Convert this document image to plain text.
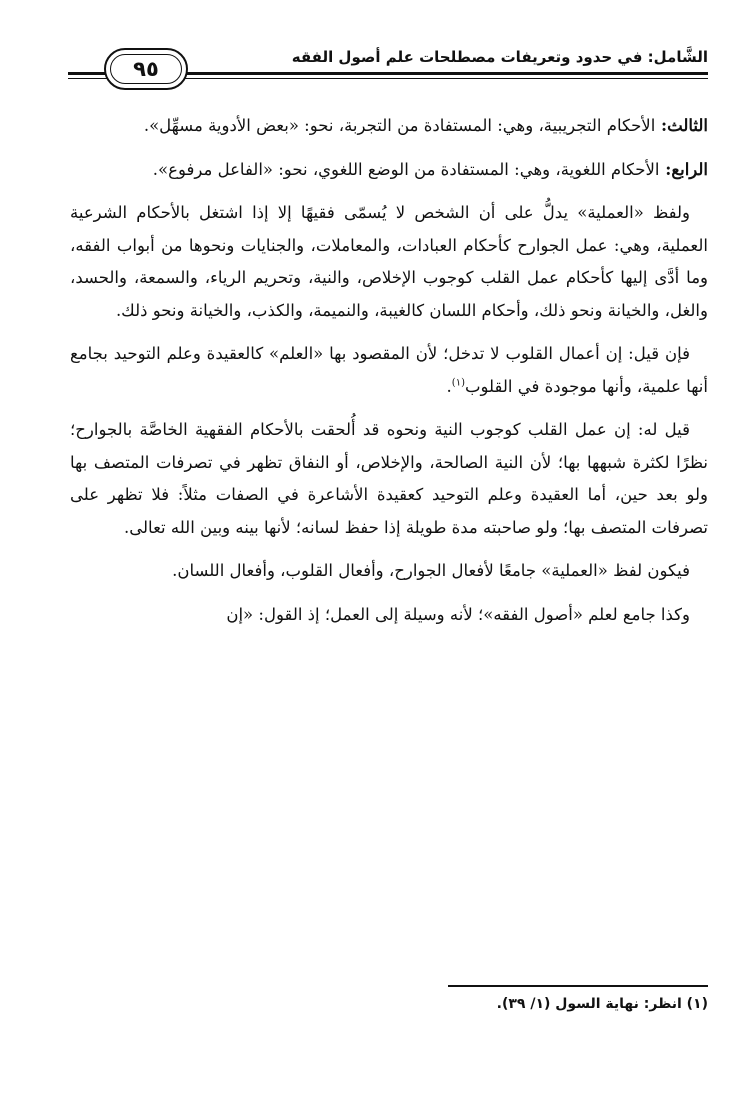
الشَّامل: في حدود وتعريفات مصطلحات علم أصول الفقه
٩٥

الثالث: الأحكام التجريبية، وهي: المستفادة من التجربة، نحو: «بعض الأدوية مسهِّل».

الرابع: الأحكام اللغوية، وهي: المستفادة من الوضع اللغوي، نحو: «الفاعل مرفوع».

ولفظ «العملية» يدلُّ على أن الشخص لا يُسمّى فقيهًا إلا إذا اشتغل بالأحكام الشرعية العملية، وهي: عمل الجوارح كأحكام العبادات، والمعاملات، والجنايات ونحوها من أبواب الفقه، وما أدَّى إليها كأحكام عمل القلب كوجوب الإخلاص، والنية، وتحريم الرياء، والسمعة، والحسد، والغل، والخيانة ونحو ذلك، وأحكام اللسان كالغيبة، والنميمة، والكذب، والخيانة ونحو ذلك.

فإن قيل: إن أعمال القلوب لا تدخل؛ لأن المقصود بها «العلم» كالعقيدة وعلم التوحيد بجامع أنها علمية، وأنها موجودة في القلوب$^{(١)}$.

قيل له: إن عمل القلب كوجوب النية ونحوه قد أُلحقت بالأحكام الفقهية الخاصَّة بالجوارح؛ نظرًا لكثرة شبهها بها؛ لأن النية الصالحة، والإخلاص، أو النفاق تظهر في تصرفات المتصف بها ولو بعد حين، أما العقيدة وعلم التوحيد كعقيدة الأشاعرة في الصفات مثلاً: فلا تظهر على تصرفات المتصف بها؛ ولو صاحبته مدة طويلة إذا حفظ لسانه؛ لأنها بينه وبين الله تعالى.

فيكون لفظ «العملية» جامعًا لأفعال الجوارح، وأفعال القلوب، وأفعال اللسان.

وكذا جامع لعلم «أصول الفقه»؛ لأنه وسيلة إلى العمل؛ إذ القول: «إن

(١) انظر: نهاية السول (١/ ٣٩).
